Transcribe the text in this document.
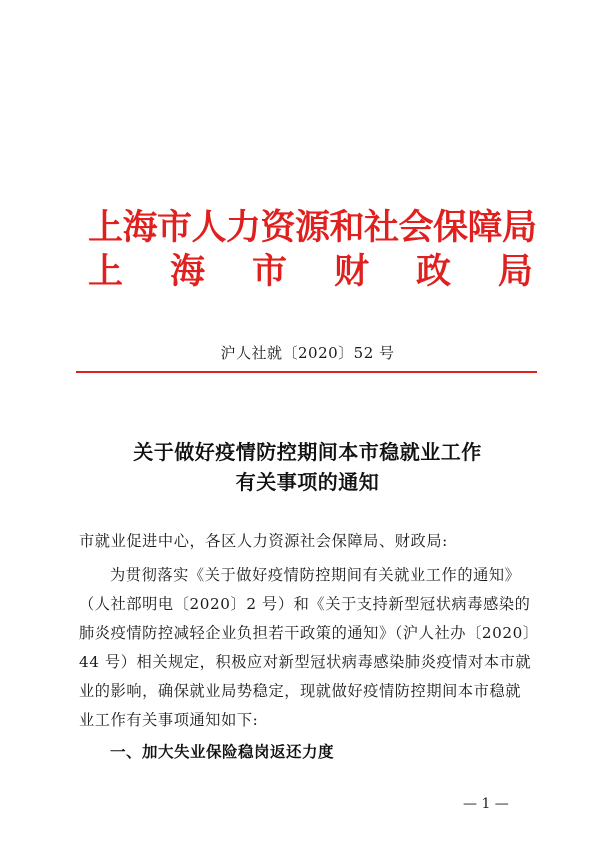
上海市人力资源和社会保障局
上 海 市 财 政 局
沪人社就〔2020〕52 号
关于做好疫情防控期间本市稳就业工作
有关事项的通知
市就业促进中心，各区人力资源社会保障局、财政局:
为贯彻落实《关于做好疫情防控期间有关就业工作的通知》
（人社部明电〔2020〕2 号）和《关于支持新型冠状病毒感染的
肺炎疫情防控减轻企业负担若干政策的通知》（沪人社办〔2020〕
44 号）相关规定，积极应对新型冠状病毒感染肺炎疫情对本市就
业的影响，确保就业局势稳定，现就做好疫情防控期间本市稳就
业工作有关事项通知如下:
一、加大失业保险稳岗返还力度
— 1 —
